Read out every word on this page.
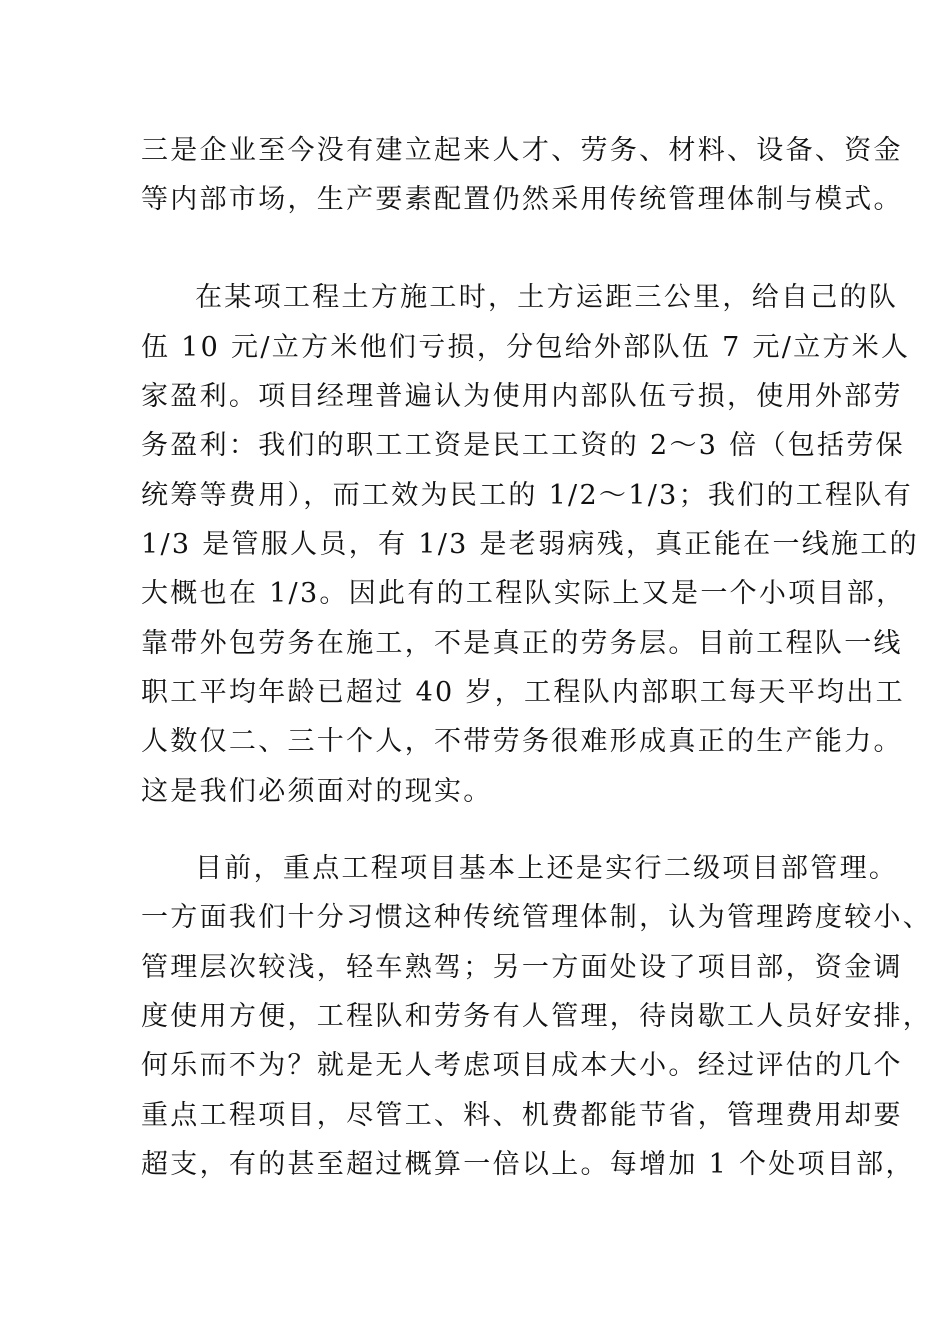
三是企业至今没有建立起来人才、劳务、材料、设备、资金
等内部市场，生产要素配置仍然采用传统管理体制与模式。
在某项工程土方施工时，土方运距三公里，给自己的队
伍 10 元/立方米他们亏损，分包给外部队伍 7 元/立方米人
家盈利。项目经理普遍认为使用内部队伍亏损，使用外部劳
务盈利：我们的职工工资是民工工资的 2～3 倍（包括劳保
统筹等费用），而工效为民工的 1/2～1/3；我们的工程队有
1/3 是管服人员，有 1/3 是老弱病残，真正能在一线施工的
大概也在 1/3。因此有的工程队实际上又是一个小项目部，
靠带外包劳务在施工，不是真正的劳务层。目前工程队一线
职工平均年龄已超过 40 岁，工程队内部职工每天平均出工
人数仅二、三十个人，不带劳务很难形成真正的生产能力。
这是我们必须面对的现实。
目前，重点工程项目基本上还是实行二级项目部管理。
一方面我们十分习惯这种传统管理体制，认为管理跨度较小、
管理层次较浅，轻车熟驾；另一方面处设了项目部，资金调
度使用方便，工程队和劳务有人管理，待岗歇工人员好安排，
何乐而不为？就是无人考虑项目成本大小。经过评估的几个
重点工程项目，尽管工、料、机费都能节省，管理费用却要
超支，有的甚至超过概算一倍以上。每增加 1 个处项目部，
